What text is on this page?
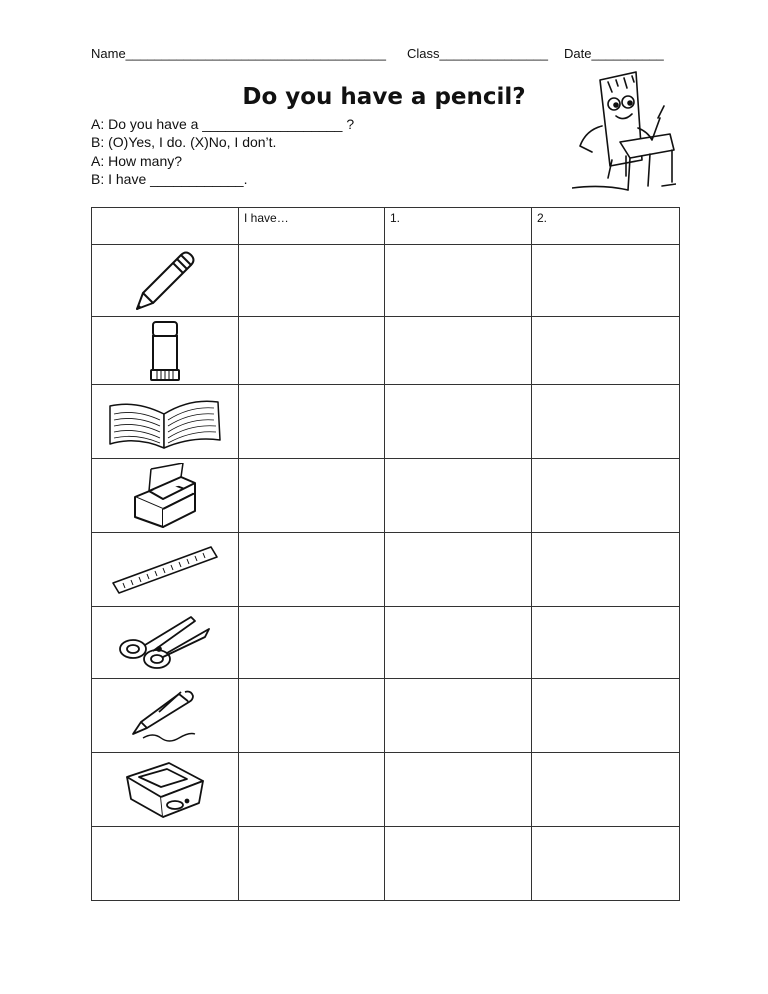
Name____________________________________ Class_______________ Date__________
Do you have a pencil?
A: Do you have a __________________ ?
B: (O)Yes, I do. (X)No, I don’t.
A: How many?
B: I have ____________.
	I have…	1.	2.
